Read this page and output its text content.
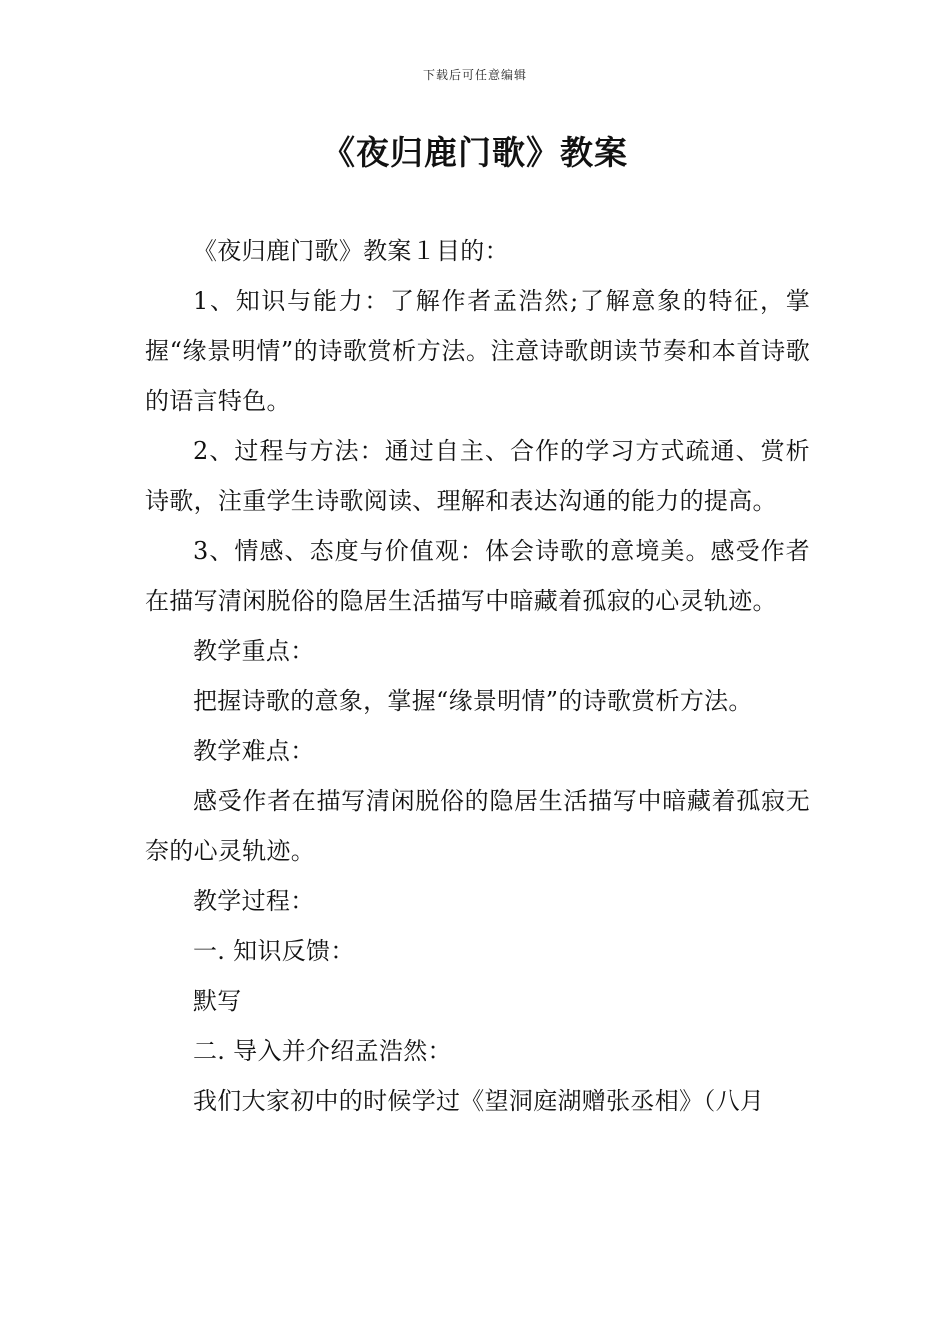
下载后可任意编辑
《夜归鹿门歌》教案

《夜归鹿门歌》教案１目的：

1、知识与能力：了解作者孟浩然;了解意象的特征，掌握“缘景明情”的诗歌赏析方法。注意诗歌朗读节奏和本首诗歌的语言特色。

2、过程与方法：通过自主、合作的学习方式疏通、赏析诗歌，注重学生诗歌阅读、理解和表达沟通的能力的提高。

3、情感、态度与价值观：体会诗歌的意境美。感受作者在描写清闲脱俗的隐居生活描写中暗藏着孤寂的心灵轨迹。

教学重点：

把握诗歌的意象，掌握“缘景明情”的诗歌赏析方法。

教学难点：

感受作者在描写清闲脱俗的隐居生活描写中暗藏着孤寂无奈的心灵轨迹。

教学过程：

一. 知识反馈：

默写

二. 导入并介绍孟浩然：

我们大家初中的时候学过《望洞庭湖赠张丞相》（八月
